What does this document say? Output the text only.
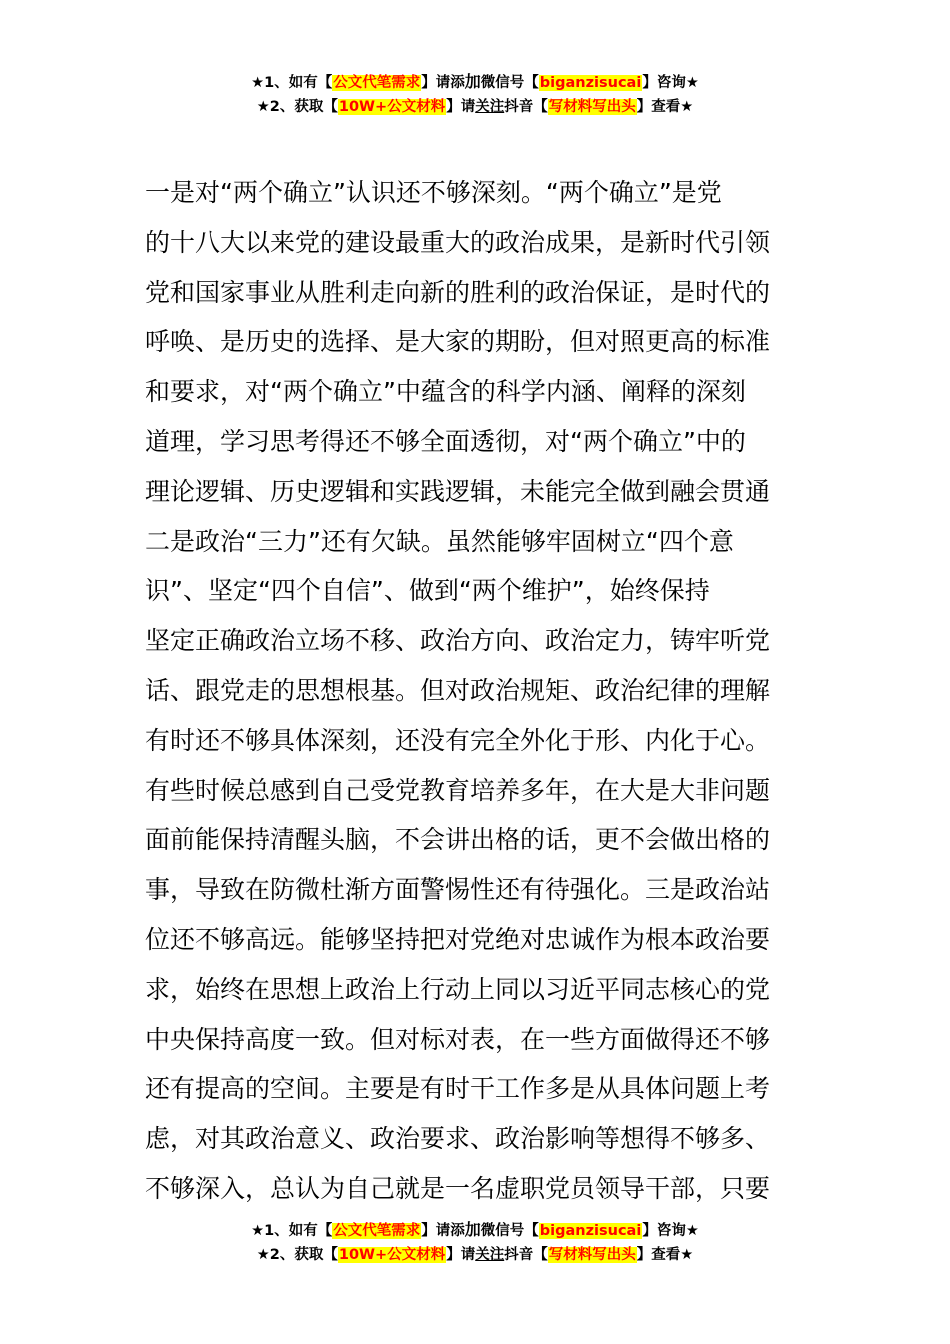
★1、如有【公文代笔需求】请添加微信号【biganzisucai】咨询★
★2、获取【10W+公文材料】请关注抖音【写材料写出头】查看★
一是对“两个确立”认识还不够深刻。“两个确立”是党
的十八大以来党的建设最重大的政治成果，是新时代引领
党和国家事业从胜利走向新的胜利的政治保证，是时代的
呼唤、是历史的选择、是大家的期盼，但对照更高的标准
和要求，对“两个确立”中蕴含的科学内涵、阐释的深刻
道理，学习思考得还不够全面透彻，对“两个确立”中的
理论逻辑、历史逻辑和实践逻辑，未能完全做到融会贯通
二是政治“三力”还有欠缺。虽然能够牢固树立“四个意
识”、坚定“四个自信”、做到“两个维护”，始终保持
坚定正确政治立场不移、政治方向、政治定力，铸牢听党
话、跟党走的思想根基。但对政治规矩、政治纪律的理解
有时还不够具体深刻，还没有完全外化于形、内化于心。
有些时候总感到自己受党教育培养多年，在大是大非问题
面前能保持清醒头脑，不会讲出格的话，更不会做出格的
事，导致在防微杜渐方面警惕性还有待强化。三是政治站
位还不够高远。能够坚持把对党绝对忠诚作为根本政治要
求，始终在思想上政治上行动上同以习近平同志核心的党
中央保持高度一致。但对标对表，在一些方面做得还不够
还有提高的空间。主要是有时干工作多是从具体问题上考
虑，对其政治意义、政治要求、政治影响等想得不够多、
不够深入，总认为自己就是一名虚职党员领导干部，只要
★1、如有【公文代笔需求】请添加微信号【biganzisucai】咨询★
★2、获取【10W+公文材料】请关注抖音【写材料写出头】查看★
